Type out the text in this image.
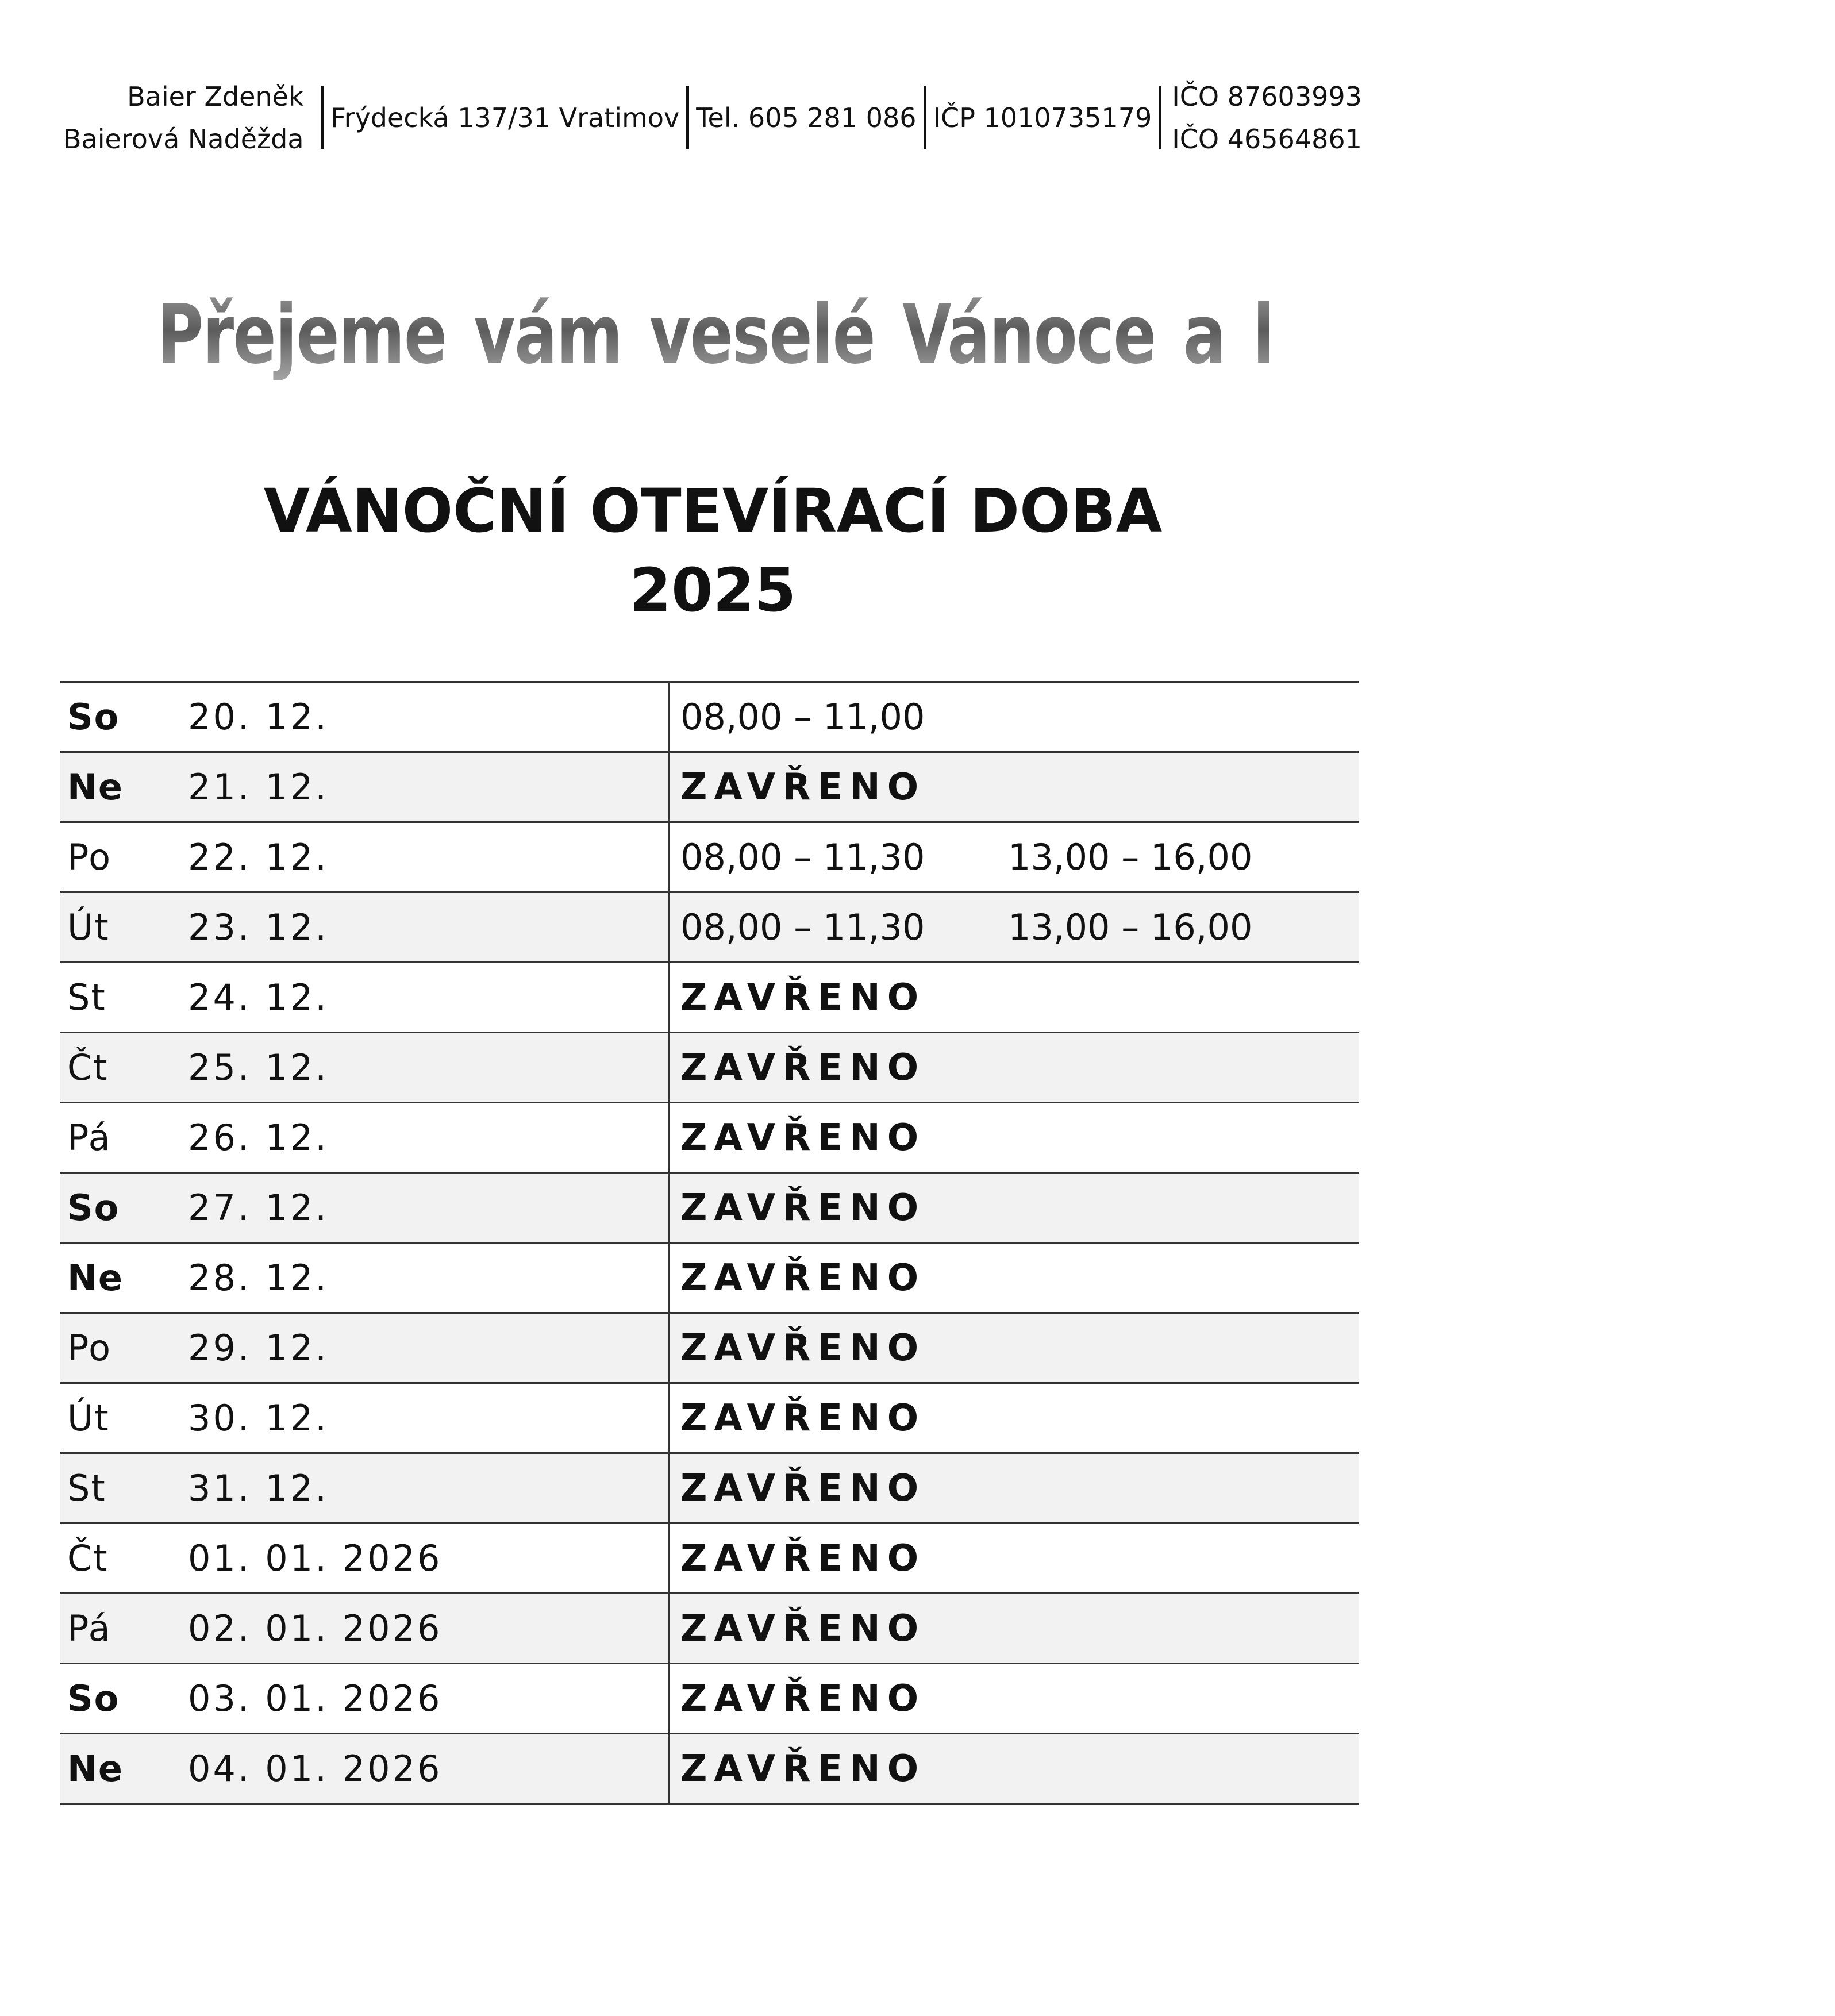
Baier Zdeněk
Baierová Naděžda
Frýdecká 137/31 Vratimov Tel. 605 281 086 IČP 1010735179
IČO 87603993
IČO 46564861
Přejeme vám veselé Vánoce a krásný Nový rok
VÁNOČNÍ OTEVÍRACÍ DOBA
2025
So	20. 12.	08,00 – 11,00
Ne	21. 12.	ZAVŘENO
Po	22. 12.	08,00 – 11,30	13,00 – 16,00
Út	23. 12.	08,00 – 11,30	13,00 – 16,00
St	24. 12.	ZAVŘENO
Čt	25. 12.	ZAVŘENO
Pá	26. 12.	ZAVŘENO
So	27. 12.	ZAVŘENO
Ne	28. 12.	ZAVŘENO
Po	29. 12.	ZAVŘENO
Út	30. 12.	ZAVŘENO
St	31. 12.	ZAVŘENO
Čt	01. 01. 2026	ZAVŘENO
Pá	02. 01. 2026	ZAVŘENO
So	03. 01. 2026	ZAVŘENO
Ne	04. 01. 2026	ZAVŘENO
